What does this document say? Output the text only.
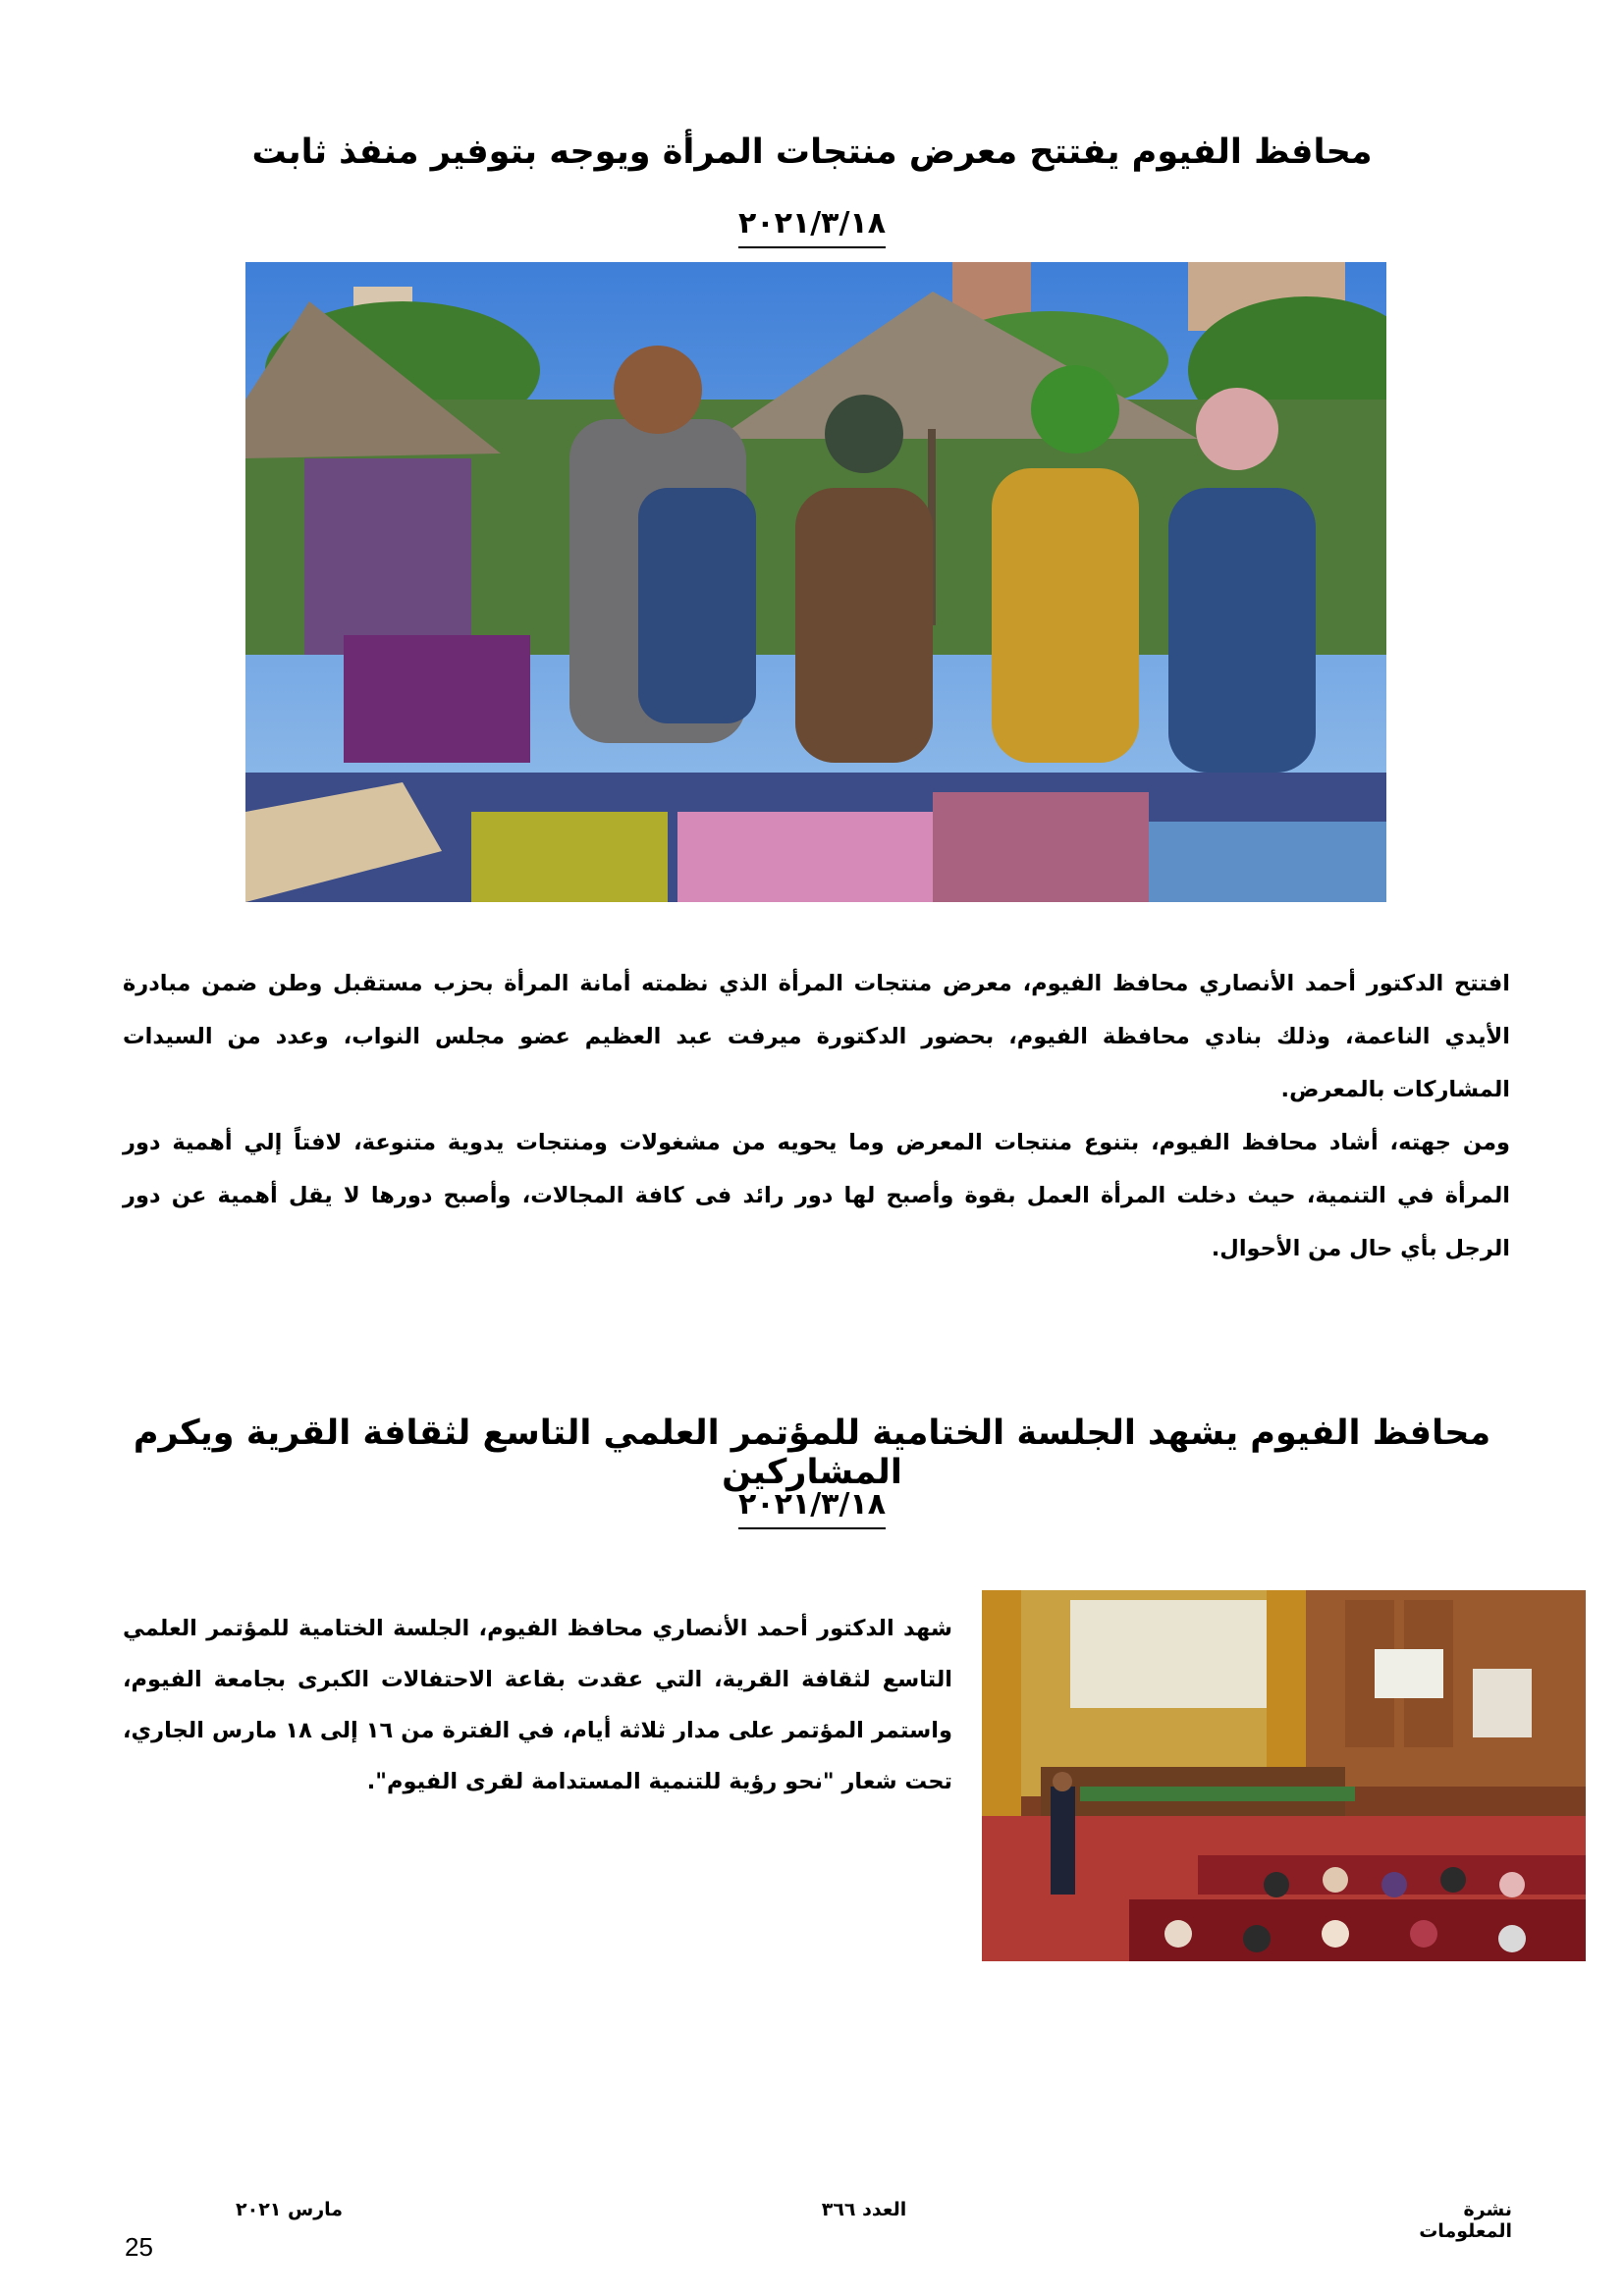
محافظ الفيوم يفتتح معرض منتجات المرأة ويوجه بتوفير منفذ ثابت
٢٠٢١/٣/١٨

افتتح الدكتور أحمد الأنصاري محافظ الفيوم، معرض منتجات المرأة الذي نظمته أمانة المرأة بحزب مستقبل وطن ضمن مبادرة الأيدي الناعمة، وذلك بنادي محافظة الفيوم، بحضور الدكتورة ميرفت عبد العظيم عضو مجلس النواب، وعدد من السيدات المشاركات بالمعرض.

ومن جهته، أشاد محافظ الفيوم، بتنوع منتجات المعرض وما يحويه من مشغولات ومنتجات يدوية متنوعة، لافتاً إلي أهمية دور المرأة في التنمية، حيث دخلت المرأة العمل بقوة وأصبح لها دور رائد فى كافة المجالات، وأصبح دورها لا يقل أهمية عن دور الرجل بأي حال من الأحوال.

محافظ الفيوم يشهد الجلسة الختامية للمؤتمر العلمي التاسع لثقافة القرية ويكرم المشاركين
٢٠٢١/٣/١٨

شهد الدكتور أحمد الأنصاري محافظ الفيوم، الجلسة الختامية للمؤتمر العلمي التاسع لثقافة القرية، التي عقدت بقاعة الاحتفالات الكبرى بجامعة الفيوم، واستمر المؤتمر على مدار ثلاثة أيام، في الفترة من ١٦ إلى ١٨ مارس الجاري، تحت شعار "نحو رؤية للتنمية المستدامة لقرى الفيوم".

نشرة المعلومات
العدد ٣٦٦
مارس ٢٠٢١
25
